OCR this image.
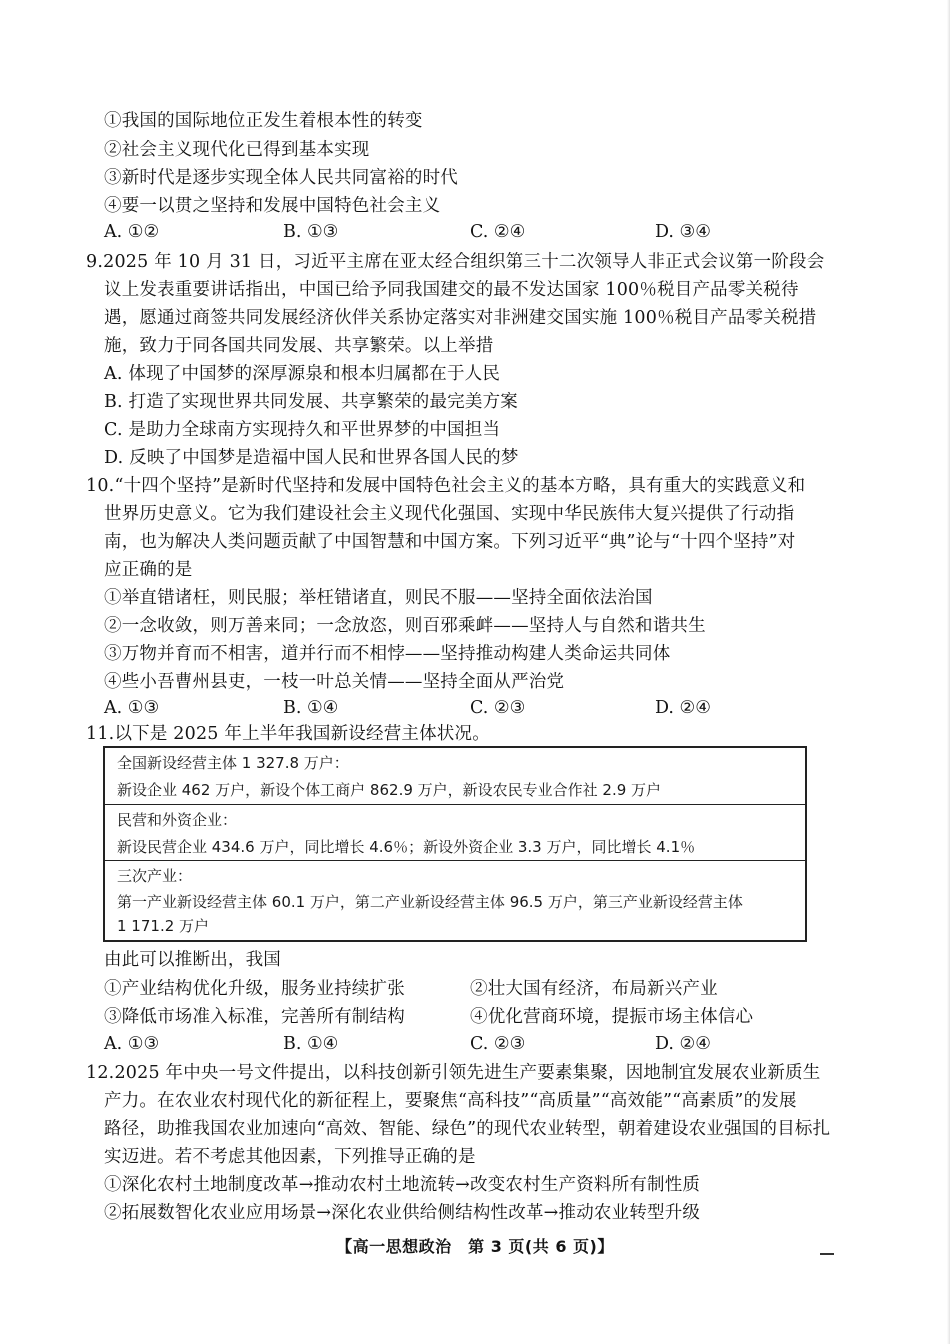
①我国的国际地位正发生着根本性的转变
②社会主义现代化已得到基本实现
③新时代是逐步实现全体人民共同富裕的时代
④要一以贯之坚持和发展中国特色社会主义
A. ①②	B. ①③	C. ②④	D. ③④
9.2025 年 10 月 31 日，习近平主席在亚太经合组织第三十二次领导人非正式会议第一阶段会
议上发表重要讲话指出，中国已给予同我国建交的最不发达国家 100％税目产品零关税待
遇，愿通过商签共同发展经济伙伴关系协定落实对非洲建交国实施 100％税目产品零关税措
施，致力于同各国共同发展、共享繁荣。以上举措
A. 体现了中国梦的深厚源泉和根本归属都在于人民
B. 打造了实现世界共同发展、共享繁荣的最完美方案
C. 是助力全球南方实现持久和平世界梦的中国担当
D. 反映了中国梦是造福中国人民和世界各国人民的梦
10.“十四个坚持”是新时代坚持和发展中国特色社会主义的基本方略，具有重大的实践意义和
世界历史意义。它为我们建设社会主义现代化强国、实现中华民族伟大复兴提供了行动指
南，也为解决人类问题贡献了中国智慧和中国方案。下列习近平“典”论与“十四个坚持”对
应正确的是
①举直错诸枉，则民服；举枉错诸直，则民不服——坚持全面依法治国
②一念收敛，则万善来同；一念放恣，则百邪乘衅——坚持人与自然和谐共生
③万物并育而不相害，道并行而不相悖——坚持推动构建人类命运共同体
④些小吾曹州县吏，一枝一叶总关情——坚持全面从严治党
A. ①③	B. ①④	C. ②③	D. ②④
11.以下是 2025 年上半年我国新设经营主体状况。
全国新设经营主体 1 327.8 万户：
新设企业 462 万户，新设个体工商户 862.9 万户，新设农民专业合作社 2.9 万户
民营和外资企业：
新设民营企业 434.6 万户，同比增长 4.6％；新设外资企业 3.3 万户，同比增长 4.1％
三次产业：
第一产业新设经营主体 60.1 万户，第二产业新设经营主体 96.5 万户，第三产业新设经营主体
1 171.2 万户
由此可以推断出，我国
①产业结构优化升级，服务业持续扩张	②壮大国有经济，布局新兴产业
③降低市场准入标准，完善所有制结构	④优化营商环境，提振市场主体信心
A. ①③	B. ①④	C. ②③	D. ②④
12.2025 年中央一号文件提出，以科技创新引领先进生产要素集聚，因地制宜发展农业新质生
产力。在农业农村现代化的新征程上，要聚焦“高科技”“高质量”“高效能”“高素质”的发展
路径，助推我国农业加速向“高效、智能、绿色”的现代农业转型，朝着建设农业强国的目标扎
实迈进。若不考虑其他因素，下列推导正确的是
①深化农村土地制度改革→推动农村土地流转→改变农村生产资料所有制性质
②拓展数智化农业应用场景→深化农业供给侧结构性改革→推动农业转型升级
【高一思想政治　第 3 页(共 6 页)】
